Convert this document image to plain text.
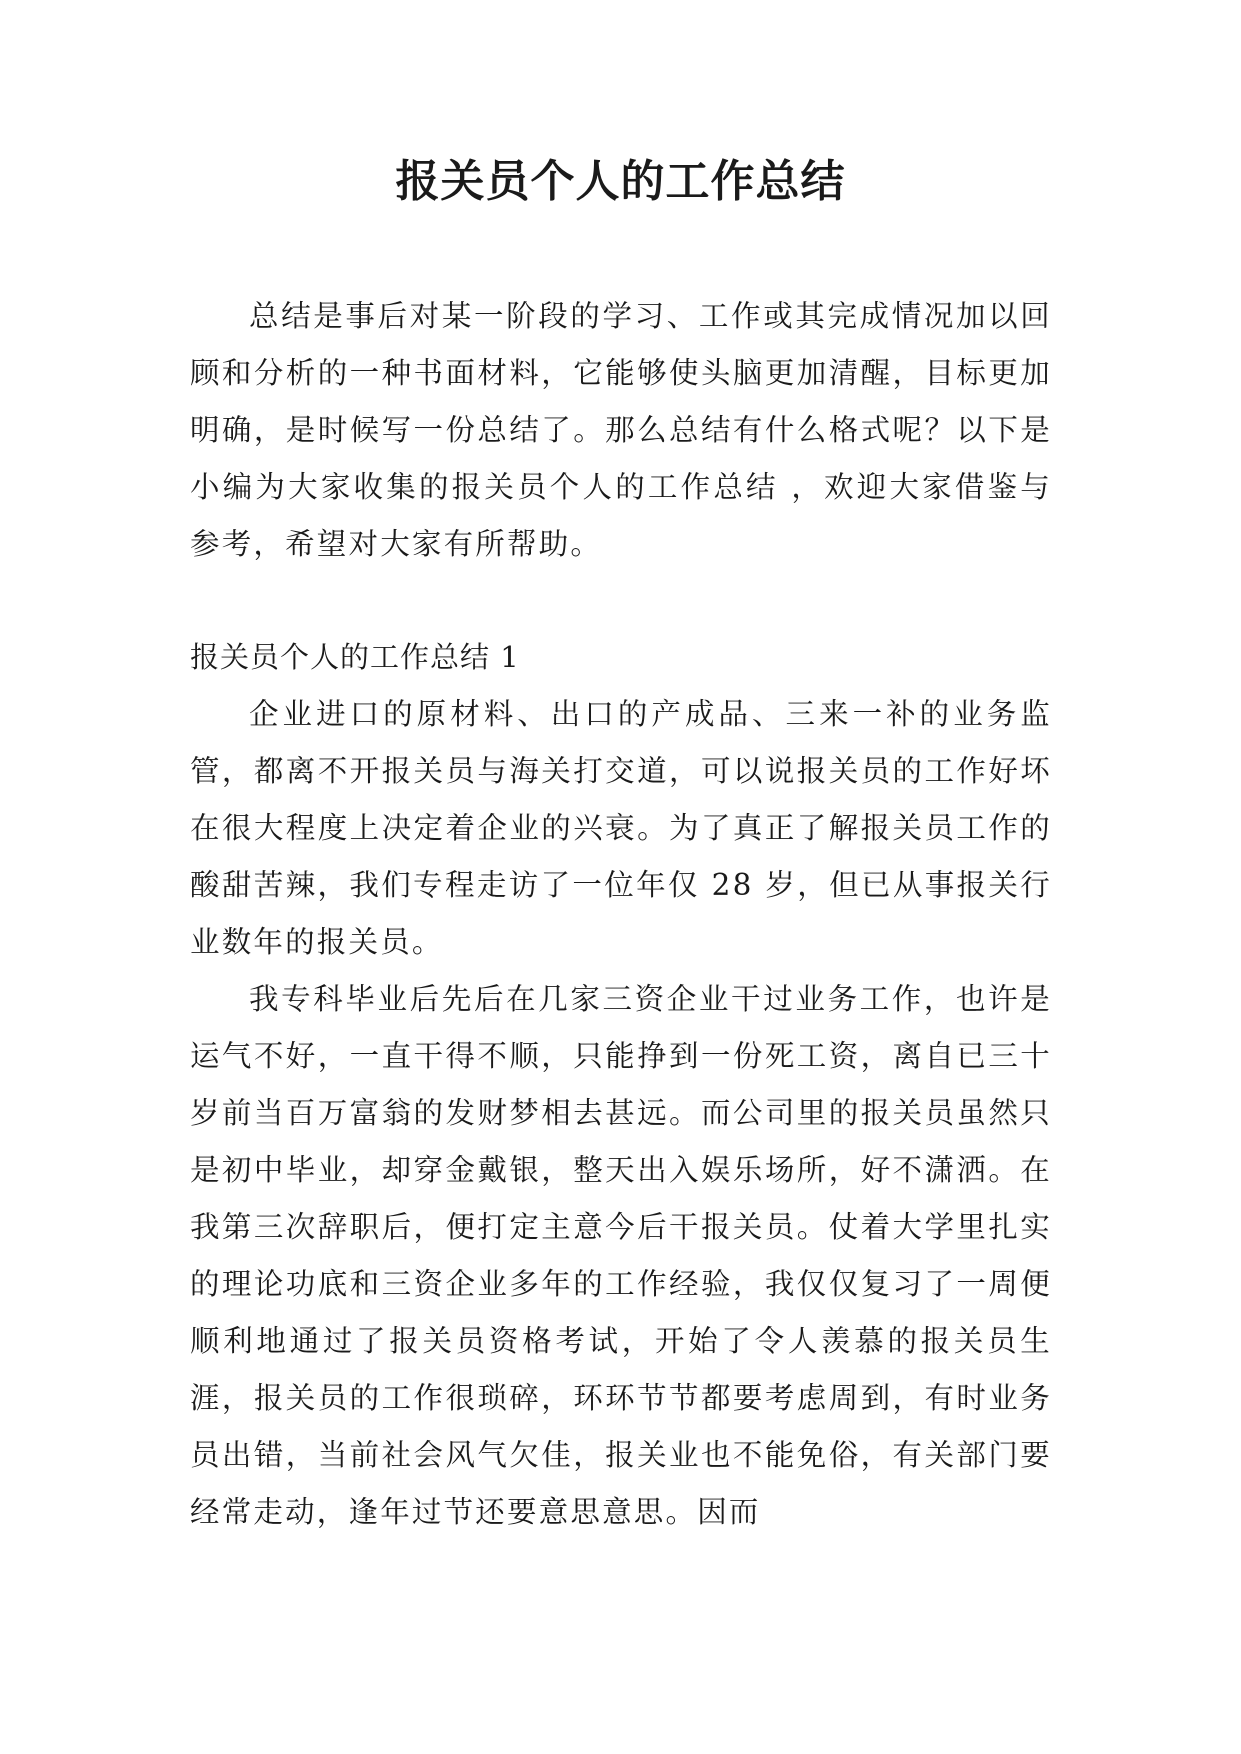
报关员个人的工作总结

总结是事后对某一阶段的学习、工作或其完成情况加以回顾和分析的一种书面材料，它能够使头脑更加清醒，目标更加明确，是时候写一份总结了。那么总结有什么格式呢？以下是小编为大家收集的报关员个人的工作总结 ，欢迎大家借鉴与参考，希望对大家有所帮助。

报关员个人的工作总结 1

企业进口的原材料、出口的产成品、三来一补的业务监管，都离不开报关员与海关打交道，可以说报关员的工作好坏在很大程度上决定着企业的兴衰。为了真正了解报关员工作的酸甜苦辣，我们专程走访了一位年仅 28 岁，但已从事报关行业数年的报关员。

我专科毕业后先后在几家三资企业干过业务工作，也许是运气不好，一直干得不顺，只能挣到一份死工资，离自已三十岁前当百万富翁的发财梦相去甚远。而公司里的报关员虽然只是初中毕业，却穿金戴银，整天出入娱乐场所，好不潇洒。在我第三次辞职后，便打定主意今后干报关员。仗着大学里扎实的理论功底和三资企业多年的工作经验，我仅仅复习了一周便顺利地通过了报关员资格考试，开始了令人羡慕的报关员生涯，报关员的工作很琐碎，环环节节都要考虑周到，有时业务员出错，当前社会风气欠佳，报关业也不能免俗，有关部门要经常走动，逢年过节还要意思意思。因而
